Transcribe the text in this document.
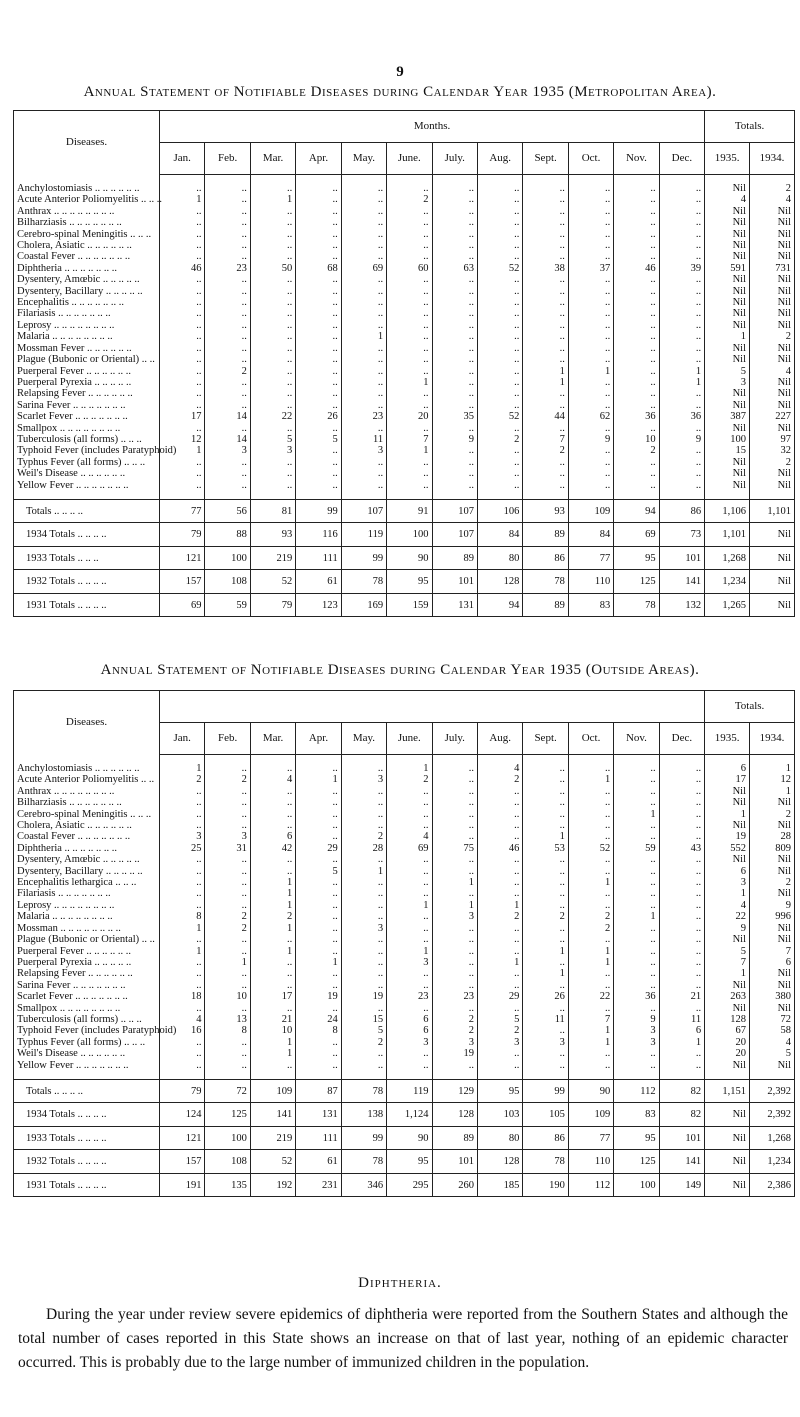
9
Annual Statement of Notifiable Diseases during Calendar Year 1935 (Metropolitan Area).
Diseases.	Months.												Totals.	
	Jan.	Feb.	Mar.	Apr.	May.	June.	July.	Aug.	Sept.	Oct.	Nov.	Dec.	1935.	1934.

Anchylostomiasis .. .. .. .. .. ..	..	..	..	..	..	..	..	..	..	..	..	..	Nil	2
Acute Anterior Poliomyelitis .. .. ..	1	..	1	..	..	2	..	..	..	..	..	..	4	4
Anthrax .. .. .. .. .. .. .. ..	..	..	..	..	..	..	..	..	..	..	..	..	Nil	Nil
Bilharziasis .. .. .. .. .. .. ..	..	..	..	..	..	..	..	..	..	..	..	..	Nil	Nil
Cerebro-spinal Meningitis .. .. ..	..	..	..	..	..	..	..	..	..	..	..	..	Nil	Nil
Cholera, Asiatic .. .. .. .. .. ..	..	..	..	..	..	..	..	..	..	..	..	..	Nil	Nil
Coastal Fever .. .. .. .. .. .. ..	..	..	..	..	..	..	..	..	..	..	..	..	Nil	Nil
Diphtheria .. .. .. .. .. .. ..	46	23	50	68	69	60	63	52	38	37	46	39	591	731
Dysentery, Amœbic .. .. .. .. ..	..	..	..	..	..	..	..	..	..	..	..	..	Nil	Nil
Dysentery, Bacillary .. .. .. .. ..	..	..	..	..	..	..	..	..	..	..	..	..	Nil	Nil
Encephalitis .. .. .. .. .. .. ..	..	..	..	..	..	..	..	..	..	..	..	..	Nil	Nil
Filariasis .. .. .. .. .. .. ..	..	..	..	..	..	..	..	..	..	..	..	..	Nil	Nil
Leprosy .. .. .. .. .. .. .. ..	..	..	..	..	..	..	..	..	..	..	..	..	Nil	Nil
Malaria .. .. .. .. .. .. .. ..	..	..	..	..	1	..	..	..	..	..	..	..	1	2
Mossman Fever .. .. .. .. .. ..	..	..	..	..	..	..	..	..	..	..	..	..	Nil	Nil
Plague (Bubonic or Oriental) .. ..	..	..	..	..	..	..	..	..	..	..	..	..	Nil	Nil
Puerperal Fever .. .. .. .. .. ..	..	2	..	..	..	..	..	..	1	1	..	1	5	4
Puerperal Pyrexia .. .. .. .. ..	..	..	..	..	..	1	..	..	1	..	..	1	3	Nil
Relapsing Fever .. .. .. .. .. ..	..	..	..	..	..	..	..	..	..	..	..	..	Nil	Nil
Sarina Fever .. .. .. .. .. .. ..	..	..	..	..	..	..	..	..	..	..	..	..	Nil	Nil
Scarlet Fever .. .. .. .. .. .. ..	17	14	22	26	23	20	35	52	44	62	36	36	387	227
Smallpox .. .. .. .. .. .. .. ..	..	..	..	..	..	..	..	..	..	..	..	..	Nil	Nil
Tuberculosis (all forms) .. .. ..	12	14	5	5	11	7	9	2	7	9	10	9	100	97
Typhoid Fever (includes Paratyphoid)	1	3	3	..	3	1	..	..	2	..	2	..	15	32
Typhus Fever (all forms) .. .. ..	..	..	..	..	..	..	..	..	..	..	..	..	Nil	2
Weil's Disease .. .. .. .. .. ..	..	..	..	..	..	..	..	..	..	..	..	..	Nil	Nil
Yellow Fever .. .. .. .. .. .. ..	..	..	..	..	..	..	..	..	..	..	..	..	Nil	Nil

Totals .. .. .. ..	77	56	81	99	107	91	107	106	93	109	94	86	1,106	1,101
1934 Totals .. .. .. ..	79	88	93	116	119	100	107	84	89	84	69	73	1,101	Nil
1933 Totals .. .. ..	121	100	219	111	99	90	89	80	86	77	95	101	1,268	Nil
1932 Totals .. .. .. ..	157	108	52	61	78	95	101	128	78	110	125	141	1,234	Nil
1931 Totals .. .. .. ..	69	59	79	123	169	159	131	94	89	83	78	132	1,265	Nil
Annual Statement of Notifiable Diseases during Calendar Year 1935 (Outside Areas).
Diseases.													Totals.	
	Jan.	Feb.	Mar.	Apr.	May.	June.	July.	Aug.	Sept.	Oct.	Nov.	Dec.	1935.	1934.

Anchylostomiasis .. .. .. .. .. ..	1	..	..	..	..	1	..	4	..	..	..	..	6	1
Acute Anterior Poliomyelitis .. ..	2	2	4	1	3	2	..	2	..	1	..	..	17	12
Anthrax .. .. .. .. .. .. .. ..	..	..	..	..	..	..	..	..	..	..	..	..	Nil	1
Bilharziasis .. .. .. .. .. .. ..	..	..	..	..	..	..	..	..	..	..	..	..	Nil	Nil
Cerebro-spinal Meningitis .. .. ..	..	..	..	..	..	..	..	..	..	..	1	..	1	2
Cholera, Asiatic .. .. .. .. .. ..	..	..	..	..	..	..	..	..	..	..	..	..	Nil	Nil
Coastal Fever .. .. .. .. .. .. ..	3	3	6	..	2	4	..	..	1	..	..	..	19	28
Diphtheria .. .. .. .. .. .. ..	25	31	42	29	28	69	75	46	53	52	59	43	552	809
Dysentery, Amœbic .. .. .. .. ..	..	..	..	..	..	..	..	..	..	..	..	..	Nil	Nil
Dysentery, Bacillary .. .. .. .. ..	..	..	..	5	1	..	..	..	..	..	..	..	6	Nil
Encephalitis lethargica .. .. ..	..	..	1	..	..	..	1	..	..	1	..	..	3	2
Filariasis .. .. .. .. .. .. ..	..	..	1	..	..	..	..	..	..	..	..	..	1	Nil
Leprosy .. .. .. .. .. .. .. ..	..	..	1	..	..	1	1	1	..	..	..	..	4	9
Malaria .. .. .. .. .. .. .. ..	8	2	2	..	..	..	3	2	2	2	1	..	22	996
Mossman .. .. .. .. .. .. .. ..	1	2	1	..	3	..	..	..	..	2	..	..	9	Nil
Plague (Bubonic or Oriental) .. ..	..	..	..	..	..	..	..	..	..	..	..	..	Nil	Nil
Puerperal Fever .. .. .. .. .. ..	1	..	1	..	..	1	..	..	1	1	..	..	5	7
Puerperal Pyrexia .. .. .. .. ..	..	1	..	1	..	3	..	1	..	1	..	..	7	6
Relapsing Fever .. .. .. .. .. ..	..	..	..	..	..	..	..	..	1	..	..	..	1	Nil
Sarina Fever .. .. .. .. .. .. ..	..	..	..	..	..	..	..	..	..	..	..	..	Nil	Nil
Scarlet Fever .. .. .. .. .. .. ..	18	10	17	19	19	23	23	29	26	22	36	21	263	380
Smallpox .. .. .. .. .. .. .. ..	..	..	..	..	..	..	..	..	..	..	..	..	Nil	Nil
Tuberculosis (all forms) .. .. ..	4	13	21	24	15	6	2	5	11	7	9	11	128	72
Typhoid Fever (includes Paratyphoid)	16	8	10	8	5	6	2	2	..	1	3	6	67	58
Typhus Fever (all forms) .. .. ..	..	..	1	..	2	3	3	3	3	1	3	1	20	4
Weil's Disease .. .. .. .. .. ..	..	..	1	..	..	..	19	..	..	..	..	..	20	5
Yellow Fever .. .. .. .. .. .. ..	..	..	..	..	..	..	..	..	..	..	..	..	Nil	Nil

Totals .. .. .. ..	79	72	109	87	78	119	129	95	99	90	112	82	1,151	2,392
1934 Totals .. .. .. ..	124	125	141	131	138	1,124	128	103	105	109	83	82	Nil	2,392
1933 Totals .. .. .. ..	121	100	219	111	99	90	89	80	86	77	95	101	Nil	1,268
1932 Totals .. .. .. ..	157	108	52	61	78	95	101	128	78	110	125	141	Nil	1,234
1931 Totals .. .. .. ..	191	135	192	231	346	295	260	185	190	112	100	149	Nil	2,386
Diphtheria.

During the year under review severe epidemics of diphtheria were reported from the Southern States and although the total number of cases reported in this State shows an increase on that of last year, nothing of an epidemic character occurred. This is probably due to the large number of immunized children in the population.
